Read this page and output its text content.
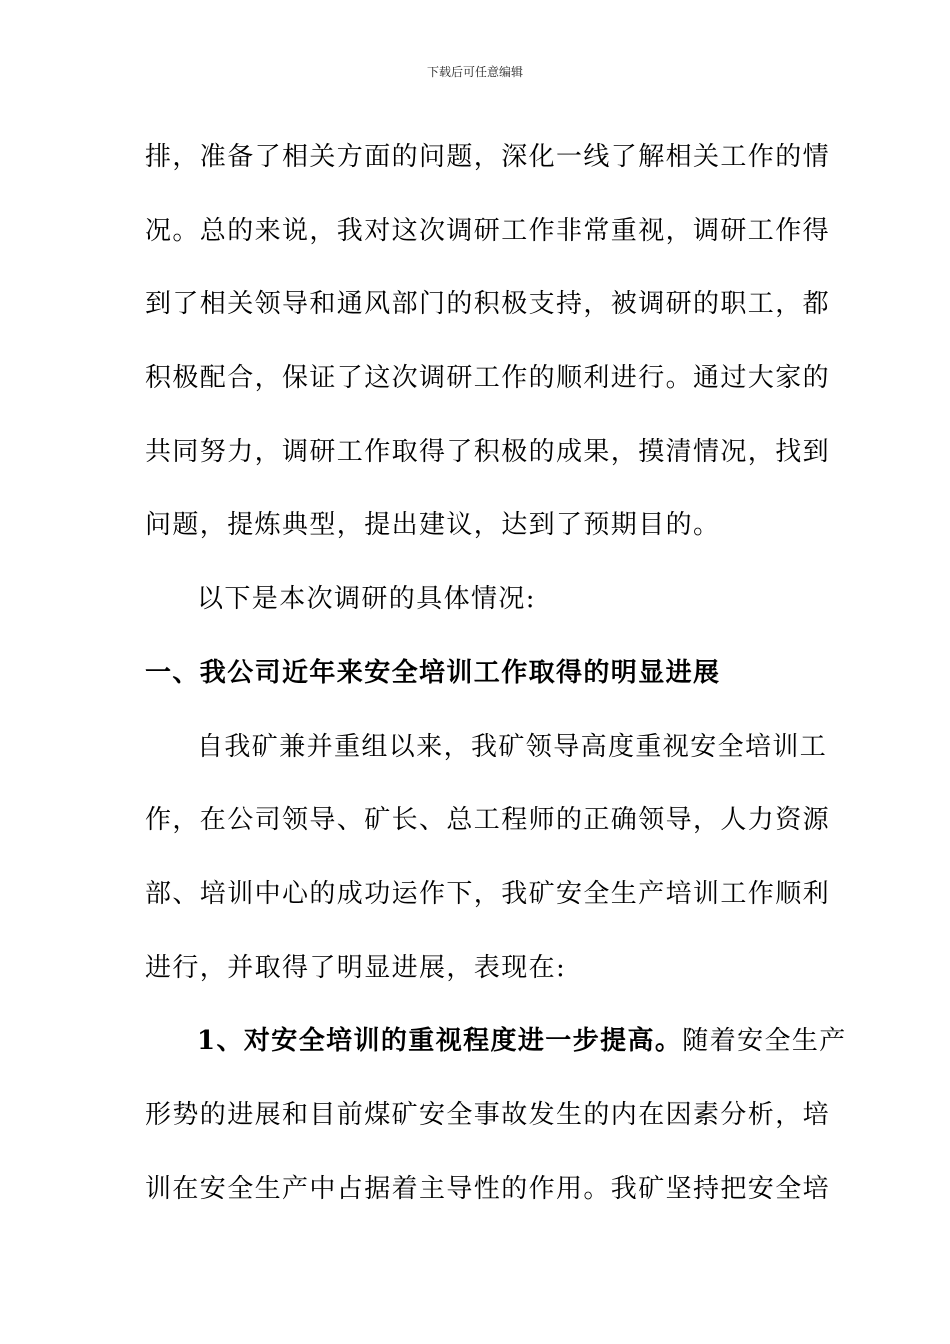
下载后可任意编辑
排，准备了相关方面的问题，深化一线了解相关工作的情
况。总的来说，我对这次调研工作非常重视，调研工作得
到了相关领导和通风部门的积极支持，被调研的职工，都
积极配合，保证了这次调研工作的顺利进行。通过大家的
共同努力，调研工作取得了积极的成果，摸清情况，找到
问题，提炼典型，提出建议，达到了预期目的。
以下是本次调研的具体情况:
一、我公司近年来安全培训工作取得的明显进展
自我矿兼并重组以来，我矿领导高度重视安全培训工
作，在公司领导、矿长、总工程师的正确领导，人力资源
部、培训中心的成功运作下，我矿安全生产培训工作顺利
进行，并取得了明显进展，表现在:
1、对安全培训的重视程度进一步提高。随着安全生产
形势的进展和目前煤矿安全事故发生的内在因素分析，培
训在安全生产中占据着主导性的作用。我矿坚持把安全培
